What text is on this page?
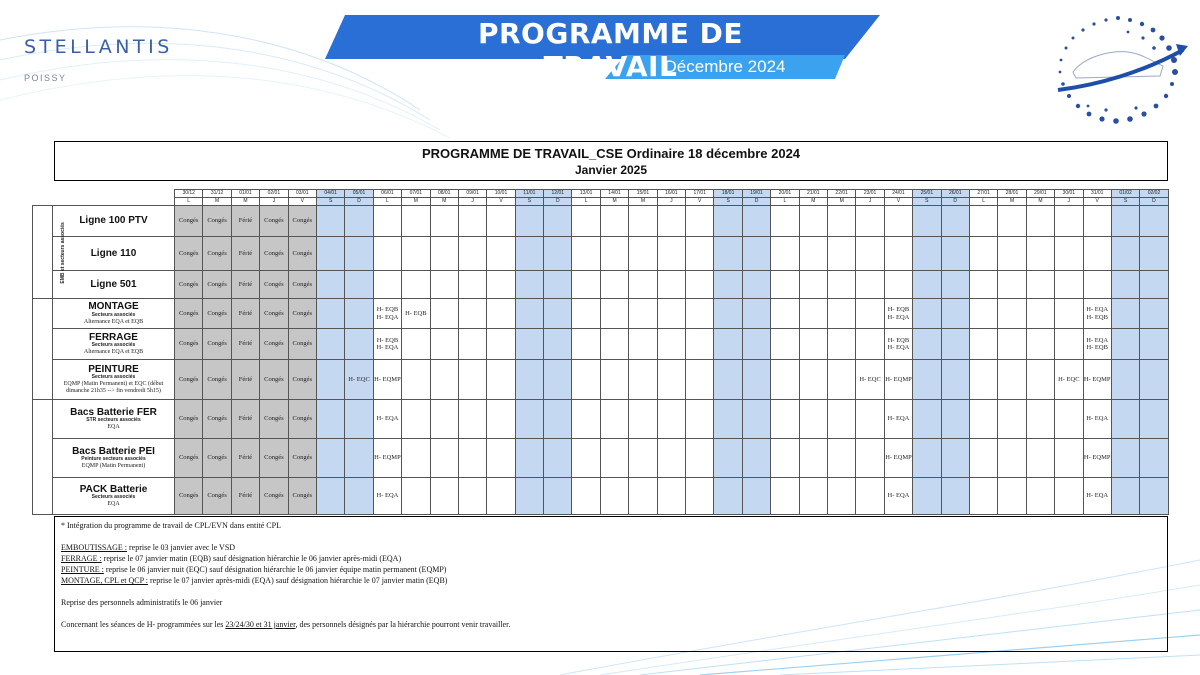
STELLANTIS
POISSY
PROGRAMME DE TRAVAIL
Décembre 2024
PROGRAMME DE TRAVAIL_CSE Ordinaire 18 décembre 2024
Janvier 2025
		30/12	31/12	01/01	02/01	03/01	04/01	05/01	06/01	07/01	08/01	09/01	10/01	11/01	12/01	13/01	14/01	15/01	16/01	17/01	18/01	19/01	20/01	21/01	22/01	23/01	24/01	25/01	26/01	27/01	28/01	29/01	30/01	31/01	01/02	02/02
		L	M	M	J	V	S	D	L	M	M	J	V	S	D	L	M	M	J	V	S	D	L	M	M	J	V	S	D	L	M	M	J	V	S	D
EMB et secteurs associés	Ligne 100 PTV	Congés	Congés	Férié	Congés	Congés																														

	Ligne 110	Congés	Congés	Férié	Congés	Congés																														

	Ligne 501	Congés	Congés	Férié	Congés	Congés																														

	MONTAGE
Secteurs associés
Alternance EQA et EQB	Congés	Congés	Férié	Congés	Congés			H- EQB H- EQA	H- EQB																	H- EQB H- EQA							H- EQA H- EQB		

	FERRAGE
Secteurs associés
Alternance EQA et EQB	Congés	Congés	Férié	Congés	Congés			H- EQB H- EQA																		H- EQB H- EQA							H- EQA H- EQB		

	PEINTURE
Secteurs associés
EQMP (Matin Permanent) et EQC (début dimanche 21h35 --> fin vendredi 5h15)	Congés	Congés	Férié	Congés	Congés		H- EQC	H- EQMP																	H- EQC	H- EQMP						H- EQC	H- EQMP		

	Bacs Batterie FER
STR secteurs associés
EQA	Congés	Congés	Férié	Congés	Congés			H- EQA																		H- EQA							H- EQA		

	Bacs Batterie PEI
Peinture secteurs associés
EQMP (Matin Permanent)	Congés	Congés	Férié	Congés	Congés			H- EQMP																		H- EQMP							H- EQMP		

	PACK Batterie
Secteurs associés
EQA	Congés	Congés	Férié	Congés	Congés			H- EQA																		H- EQA							H- EQA		

* Intégration du programme de travail de CPL/EVN dans entité CPL

EMBOUTISSAGE : reprise le 03 janvier avec le VSD

FERRAGE : reprise le 07 janvier matin (EQB) sauf désignation hiérarchie le 06 janvier après-midi (EQA)

PEINTURE : reprise le 06 janvier nuit (EQC) sauf désignation hiérarchie le 06 janvier équipe matin permanent (EQMP)

MONTAGE, CPL et QCP : reprise le 07 janvier après-midi (EQA) sauf désignation hiérarchie le 07 janvier matin (EQB)

Reprise des personnels administratifs le 06 janvier

Concernant les séances de H- programmées sur les 23/24/30 et 31 janvier, des personnels désignés par la hiérarchie pourront venir travailler.
